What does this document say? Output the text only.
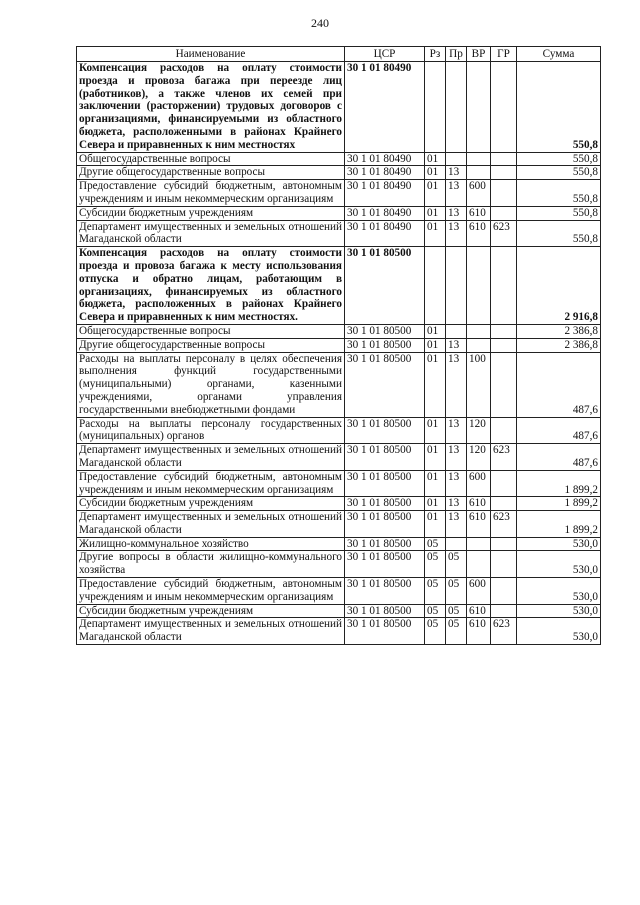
240
Наименование	ЦСР	Рз	Пр	ВР	ГР	Сумма
Компенсация расходов на оплату стоимости проезда и провоза багажа при переезде лиц (работников), а также членов их семей при заключении (расторжении) трудовых договоров с организациями, финансируемыми из областного бюджета, расположенными в районах Крайнего Севера и приравненных к ним местностях	30 1 01 80490					550,8
Общегосударственные вопросы	30 1 01 80490	01				550,8
Другие общегосударственные вопросы	30 1 01 80490	01	13			550,8
Предоставление субсидий бюджетным, автономным учреждениям и иным некоммерческим организациям	30 1 01 80490	01	13	600		550,8
Субсидии бюджетным учреждениям	30 1 01 80490	01	13	610		550,8
Департамент имущественных и земельных отношений Магаданской области	30 1 01 80490	01	13	610	623	550,8
Компенсация расходов на оплату стоимости проезда и провоза багажа к месту использования отпуска и обратно лицам, работающим в организациях, финансируемых из областного бюджета, расположенных в районах Крайнего Севера и приравненных к ним местностях.	30 1 01 80500					2 916,8
Общегосударственные вопросы	30 1 01 80500	01				2 386,8
Другие общегосударственные вопросы	30 1 01 80500	01	13			2 386,8
Расходы на выплаты персоналу в целях обеспечения выполнения функций государственными (муниципальными) органами, казенными учреждениями, органами управления государственными внебюджетными фондами	30 1 01 80500	01	13	100		487,6
Расходы на выплаты персоналу государственных (муниципальных) органов	30 1 01 80500	01	13	120		487,6
Департамент имущественных и земельных отношений Магаданской области	30 1 01 80500	01	13	120	623	487,6
Предоставление субсидий бюджетным, автономным учреждениям и иным некоммерческим организациям	30 1 01 80500	01	13	600		1 899,2
Субсидии бюджетным учреждениям	30 1 01 80500	01	13	610		1 899,2
Департамент имущественных и земельных отношений Магаданской области	30 1 01 80500	01	13	610	623	1 899,2
Жилищно-коммунальное хозяйство	30 1 01 80500	05				530,0
Другие вопросы в области жилищно-коммунального хозяйства	30 1 01 80500	05	05			530,0
Предоставление субсидий бюджетным, автономным учреждениям и иным некоммерческим организациям	30 1 01 80500	05	05	600		530,0
Субсидии бюджетным учреждениям	30 1 01 80500	05	05	610		530,0
Департамент имущественных и земельных отношений Магаданской области	30 1 01 80500	05	05	610	623	530,0
